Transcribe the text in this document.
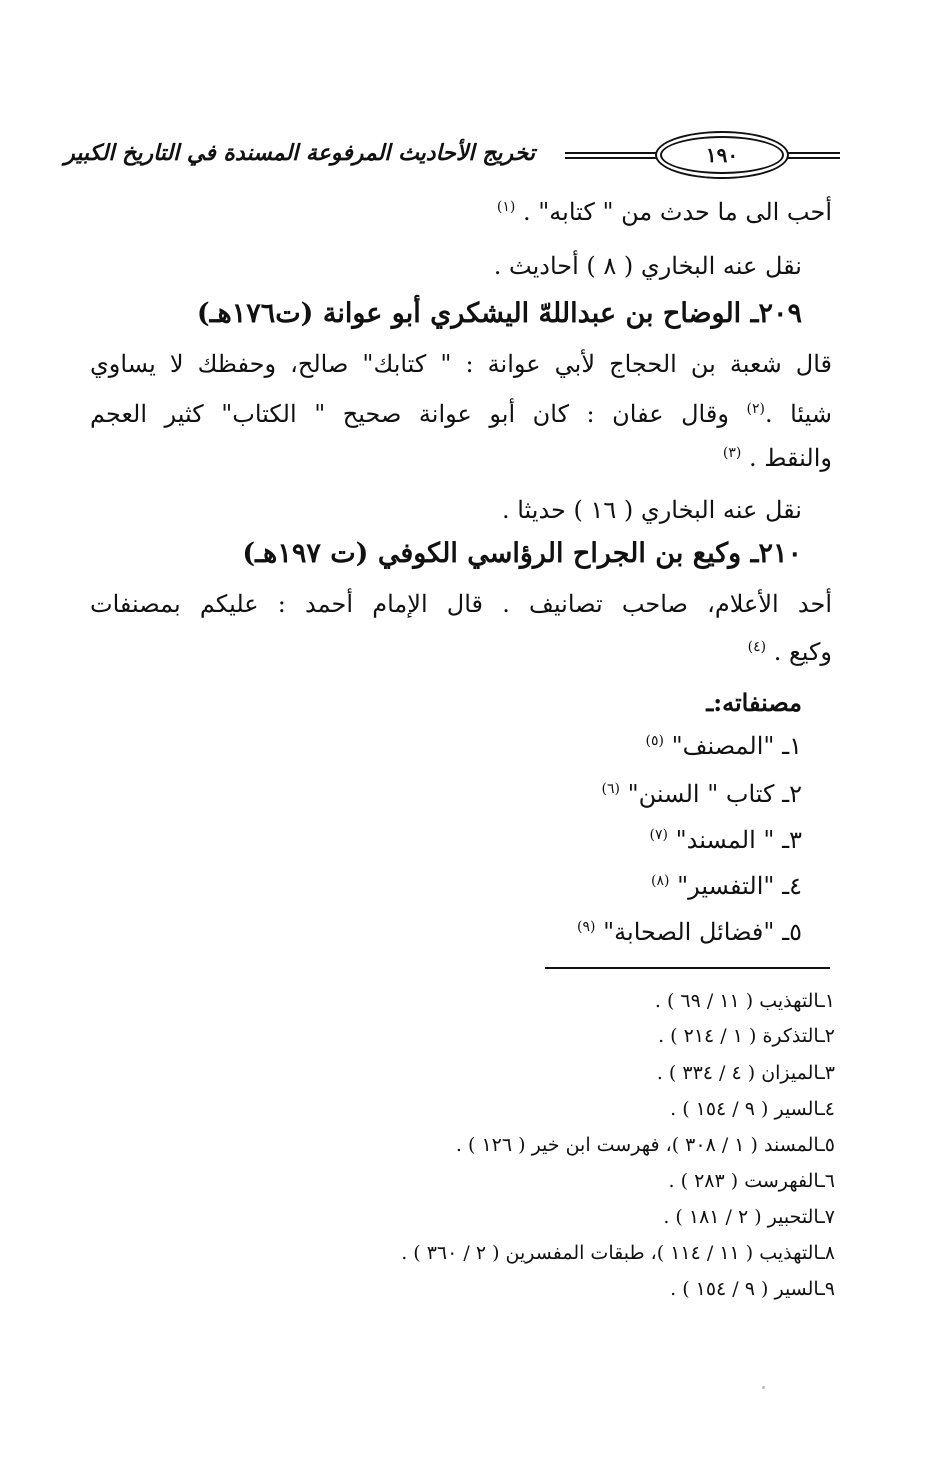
١٩٠
تخريج الأحاديث المرفوعة المسندة في التاريخ الكبير
أحب الى ما حدث من " كتابه" . $^{(١)}$
نقل عنه البخاري ( ٨ ) أحاديث .
٢٠٩ـ الوضاح بن عبداللهّ اليشكري أبو عوانة (ت١٧٦هـ)
قال شعبة بن الحجاج لأبي عوانة : " كتابك" صالح، وحفظك لا يساوي
شيئا .$^{(٢)}$ وقال عفان : كان أبو عوانة صحيح " الكتاب" كثير العجم
والنقط . $^{(٣)}$
نقل عنه البخاري ( ١٦ ) حديثا .
٢١٠ـ وكيع بن الجراح الرؤاسي الكوفي (ت ١٩٧هـ)
أحد الأعلام، صاحب تصانيف . قال الإمام أحمد : عليكم بمصنفات
وكيع . $^{(٤)}$
مصنفاته:ـ
١ـ "المصنف" $^{(٥)}$
٢ـ كتاب " السنن" $^{(٦)}$
٣ـ " المسند" $^{(٧)}$
٤ـ "التفسير" $^{(٨)}$
٥ـ "فضائل الصحابة" $^{(٩)}$
١ـالتهذيب ( ١١ / ٦٩ ) .
٢ـالتذكرة ( ١ / ٢١٤ ) .
٣ـالميزان ( ٤ / ٣٣٤ ) .
٤ـالسير ( ٩ / ١٥٤ ) .
٥ـالمسند ( ١ / ٣٠٨ )، فهرست ابن خير ( ١٢٦ ) .
٦ـالفهرست ( ٢٨٣ ) .
٧ـالتحبير ( ٢ / ١٨١ ) .
٨ـالتهذيب ( ١١ / ١١٤ )، طبقات المفسرين ( ٢ / ٣٦٠ ) .
٩ـالسير ( ٩ / ١٥٤ ) .
